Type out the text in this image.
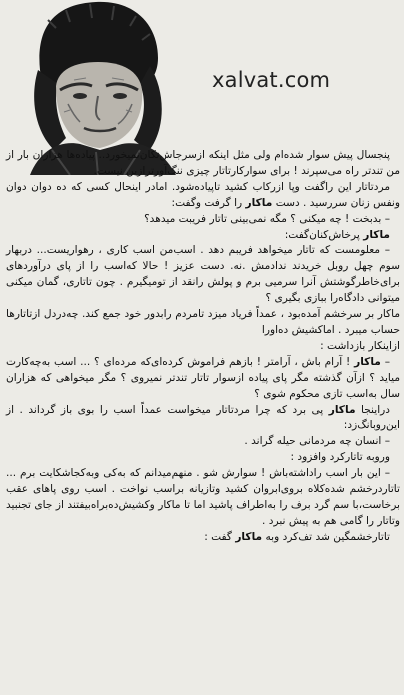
xalvat.com

پنجسال پیش سوار شده‌ام ولی مثل اینکه ازسرجاش‌تکان‌نمیخورد.. پیاده‌ها هزاران بار از من تندتر راه می‌سپرند ! برای سوارکارتاتار چیزی ننگ‌آورتر‌ازین نیست.

مرد‌تاتار این راگفت وپا ازرکاب کشید تاپیاده‌شود. امادر اینحال کسی که ده دوان دوان ونفس زنان سررسید . دست ماکار را گرفت وگفت:

– بدبخت ! چه میکنی ؟ مگه نمی‌بینی تاتار فریبت میدهد؟

ماکار پرخاش‌کنان‌گفت:

– معلومست که تاتار میخواهد فریبم دهد . اسب‌من اسب کاری ، رهوار‌یست... دربهار سوم چهل روبل خریدند ندادمش .نه. دست عزیز ! حالا که‌اسب را از پای درآوردهای برای‌خاطرگوشتش آنرا سرمیی برم و پولش رانقد از تومیگیرم . چون تاتاری، گمان میکنی میتوانی دادگاه‌را ببازی بگیری ؟

ماکار بر سرخشم آمده‌بود ، عمداً فریاد میزد تامردم رابدور خود جمع کند. چه‌دردل ازتاتارها حساب میبرد . اماکشیش ده‌اورا

ازاینکار بازداشت :

– ماکار ! آرام باش ، آرامتر ! بازهم فراموش کرده‌ای‌که مرده‌ای ؟ ... اسب به‌چه‌کارت میاید ؟ ازآن گذشته مگر پای پیاده ازسوار تاتار تندتر نمیروی ؟ مگر میخواهی که هزاران سال به‌اسب تازی محکوم شوی ؟

درا‌ینجا ماکار پی برد که چرا مردتاتار میخواست عمداً اسب را بوی باز گرداند . از این‌رو‌بانگ‌زد:

– انسان چه مردمانی حیله گراند .

وروبه تاتارکرد وافزود :

– این بار اسب رادا‌شته‌باش ! سوارش شو . منهم‌میدانم که به‌کی وبه‌کجاشکایت برم ... تاتاردرخشم شده‌کلاه بروی‌ابروان کشید وتازیانه براسب نواخت . اسب روی پاهای عقب برخاست،با سم گرد برف را به‌اطراف پاشید اما تا ماکار وکشیش‌ده‌براه‌بیفتند از جای تجنبید وتاتار را گامی هم به پیش نبرد .

تاتارخشمگین شد تف‌کرد وبه ماکار گفت :
